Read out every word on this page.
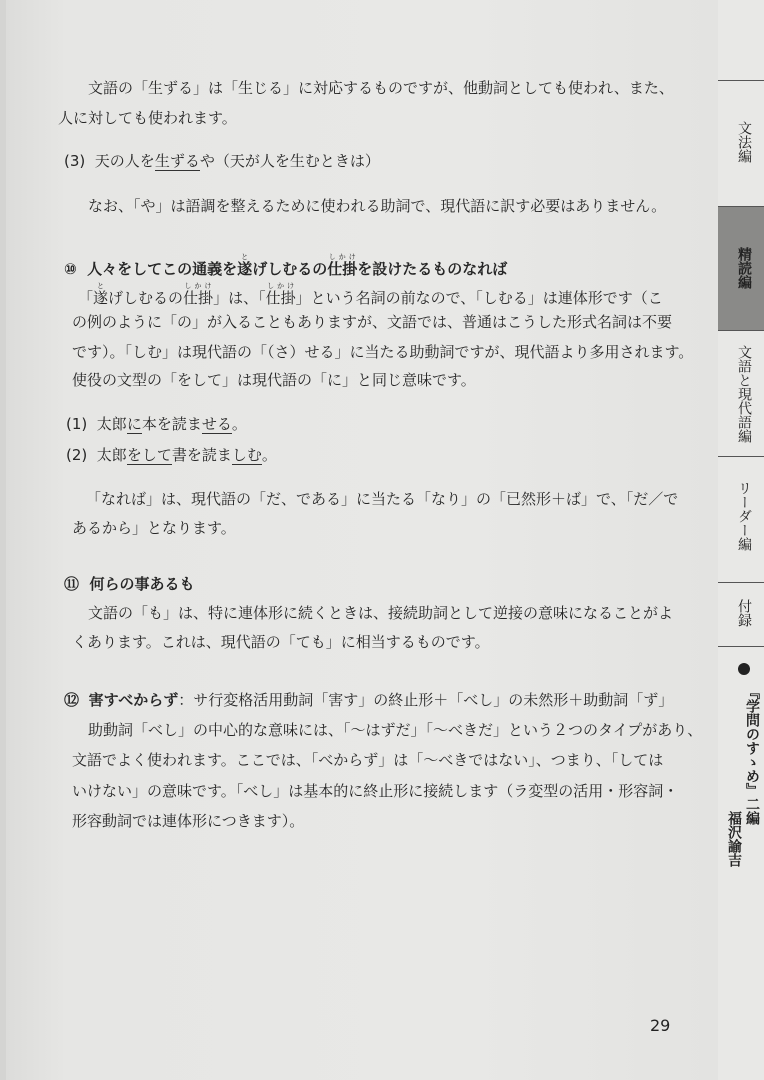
文語の「生ずる」は「生じる」に対応するものですが、他動詞としても使われ、また、
人に対しても使われます。
(3) 天の人を生ずるや（天が人を生むときは）
なお、「や」は語調を整えるために使われる助詞で、現代語に訳す必要はありません。
⑩ 人々をしてこの通義を遂とげしむるの仕掛しかけを設けたるものなれば
「遂とげしむるの仕掛しかけ」は、「仕掛しかけ」という名詞の前なので、「しむる」は連体形です（こ
の例のように「の」が入ることもありますが、文語では、普通はこうした形式名詞は不要
です）。「しむ」は現代語の「（さ）せる」に当たる助動詞ですが、現代語より多用されます。
使役の文型の「をして」は現代語の「に」と同じ意味です。
(1) 太郎に本を読ませる。
(2) 太郎をして書を読ましむ。
「なれば」は、現代語の「だ、である」に当たる「なり」の「已然形＋ば」で、「だ／で
あるから」となります。
⑪ 何らの事あるも
文語の「も」は、特に連体形に続くときは、接続助詞として逆接の意味になることがよ
くあります。これは、現代語の「ても」に相当するものです。
⑫ 害すべからず：サ行変格活用動詞「害す」の終止形＋「べし」の未然形＋助動詞「ず」
助動詞「べし」の中心的な意味には、「～はずだ」「～べきだ」という２つのタイプがあり、
文語でよく使われます。ここでは、「べからず」は「～べきではない」、つまり、「しては
いけない」の意味です。「べし」は基本的に終止形に接続します（ラ変型の活用・形容詞・
形容動詞では連体形につきます）。
29
文法編
精読編
文語と現代語編
リーダー編
付録
『学問のすゝめ』二編
福沢諭吉
